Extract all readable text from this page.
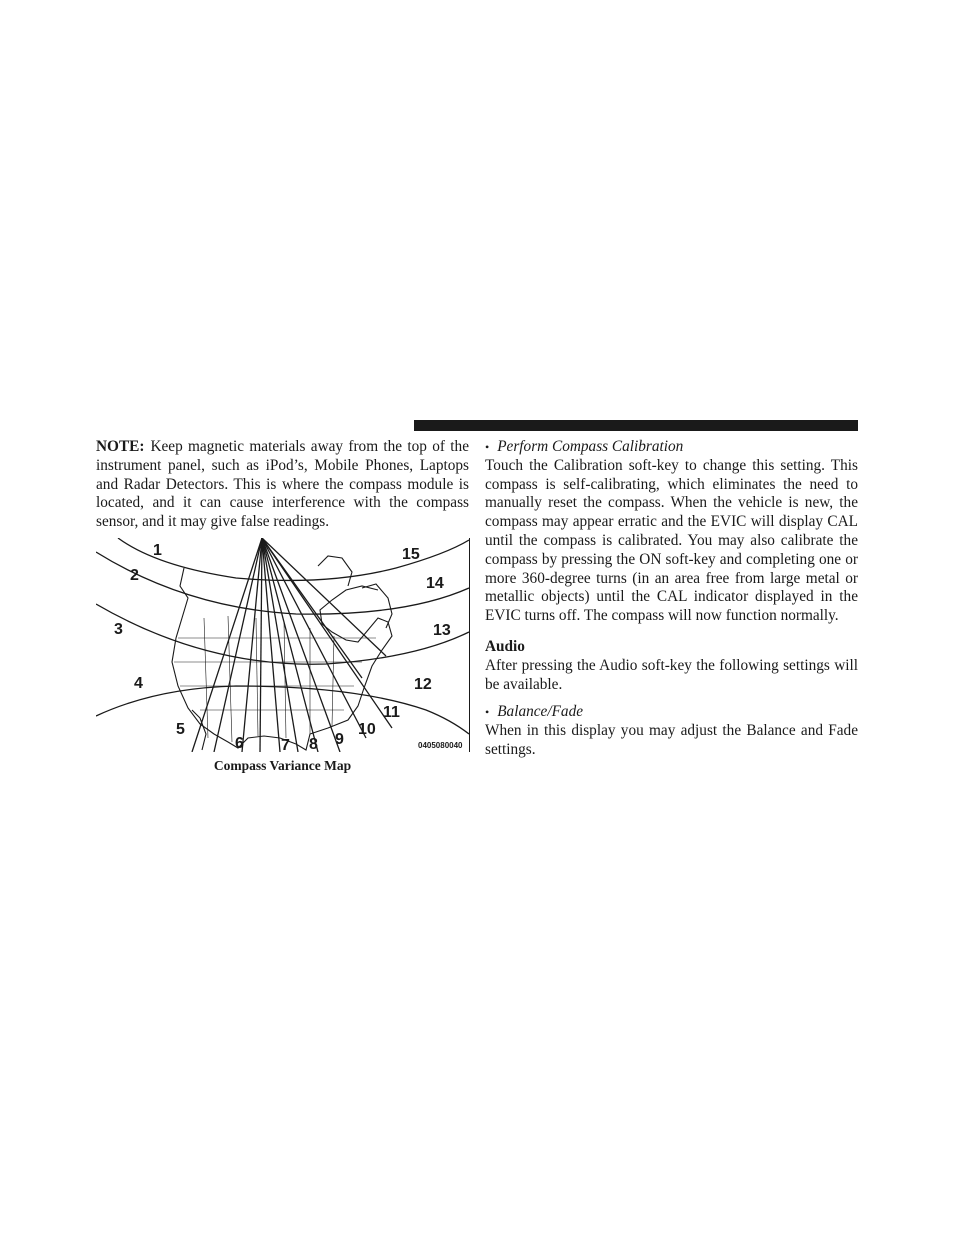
NOTE: Keep magnetic materials away from the top of the instrument panel, such as iPod’s, Mobile Phones, Laptops and Radar Detectors. This is where the compass module is located, and it can cause interference with the compass sensor, and it may give false readings.

1
2
3
4
5
6 7 8 9
10
11
12
13
14
15
0405080040
Compass Variance Map

• Perform Compass Calibration

Touch the Calibration soft-key to change this setting. This compass is self-calibrating, which eliminates the need to manually reset the compass. When the vehicle is new, the compass may appear erratic and the EVIC will display CAL until the compass is calibrated. You may also calibrate the compass by pressing the ON soft-key and completing one or more 360-degree turns (in an area free from large metal or metallic objects) until the CAL indicator displayed in the EVIC turns off. The compass will now function normally.

Audio

After pressing the Audio soft-key the following settings will be available.

• Balance/Fade

When in this display you may adjust the Balance and Fade settings.
